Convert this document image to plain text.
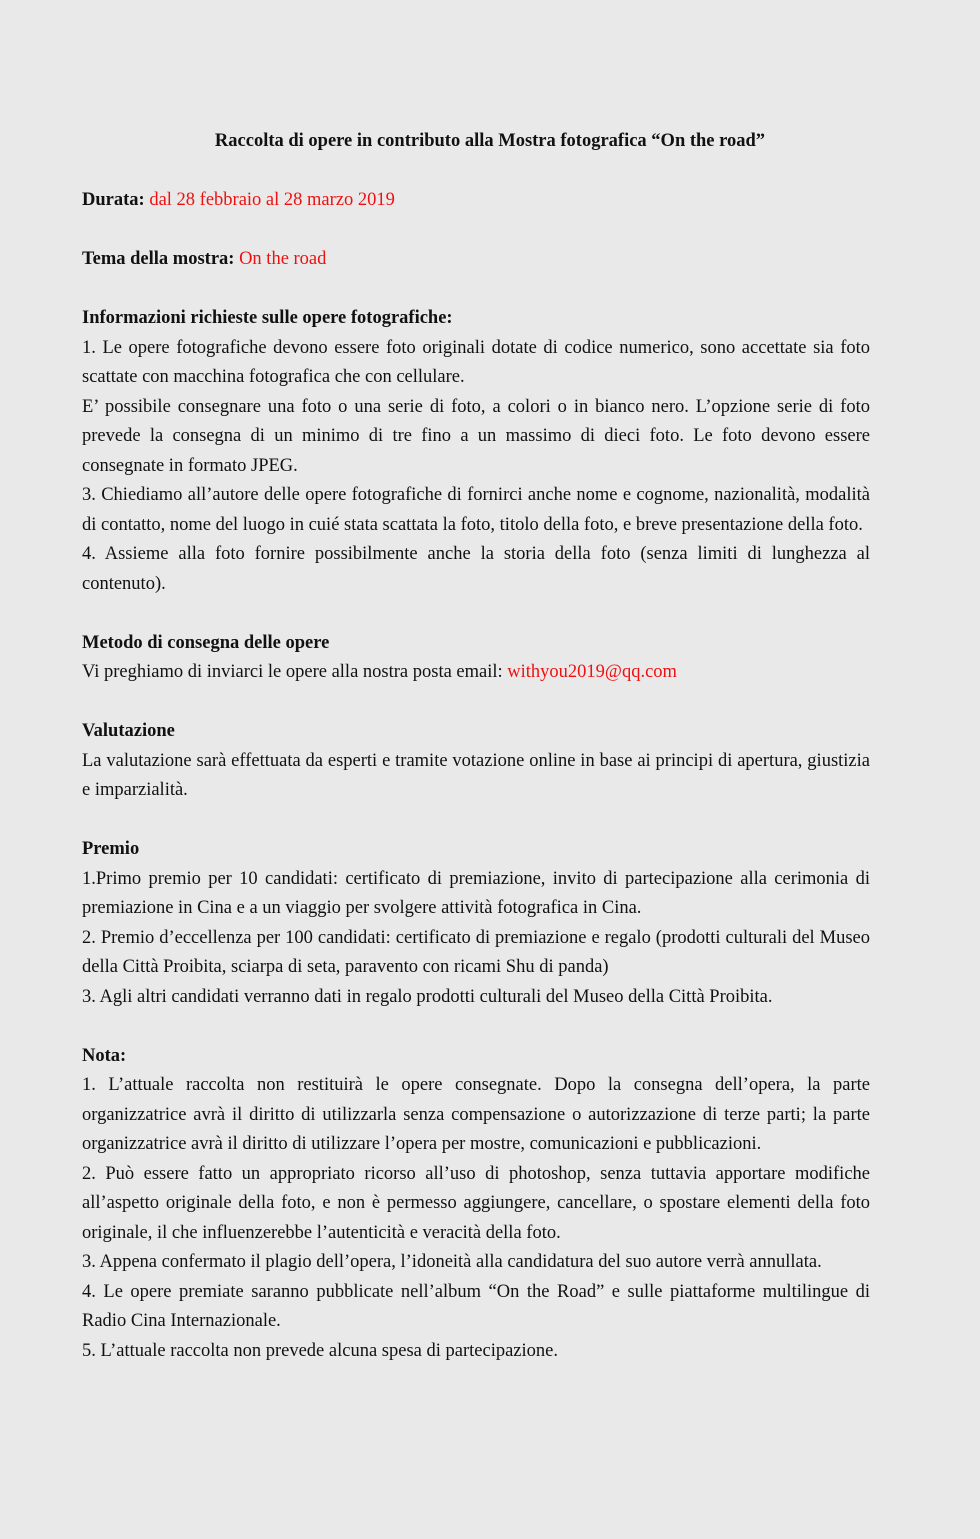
Raccolta di opere in contributo alla Mostra fotografica “On the road”

Durata: dal 28 febbraio al 28 marzo 2019

Tema della mostra: On the road

Informazioni richieste sulle opere fotografiche:

1. Le opere fotografiche devono essere foto originali dotate di codice numerico, sono accettate sia foto scattate con macchina fotografica che con cellulare.

E’ possibile consegnare una foto o una serie di foto, a colori o in bianco nero. L’opzione serie di foto prevede la consegna di un minimo di tre fino a un massimo di dieci foto. Le foto devono essere consegnate in formato JPEG.

3. Chiediamo all’autore delle opere fotografiche di fornirci anche nome e cognome, nazionalità, modalità di contatto, nome del luogo in cuié stata scattata la foto, titolo della foto, e breve presentazione della foto.

4. Assieme alla foto fornire possibilmente anche la storia della foto (senza limiti di lunghezza al contenuto).

Metodo di consegna delle opere

Vi preghiamo di inviarci le opere alla nostra posta email: withyou2019@qq.com

Valutazione

La valutazione sarà effettuata da esperti e tramite votazione online in base ai principi di apertura, giustizia e imparzialità.

Premio

1.Primo premio per 10 candidati: certificato di premiazione, invito di partecipazione alla cerimonia di premiazione in Cina e a un viaggio per svolgere attività fotografica in Cina.

2. Premio d’eccellenza per 100 candidati: certificato di premiazione e regalo (prodotti culturali del Museo della Città Proibita, sciarpa di seta, paravento con ricami Shu di panda)

3. Agli altri candidati verranno dati in regalo prodotti culturali del Museo della Città Proibita.

Nota:

1. L’attuale raccolta non restituirà le opere consegnate. Dopo la consegna dell’opera, la parte organizzatrice avrà il diritto di utilizzarla senza compensazione o autorizzazione di terze parti; la parte organizzatrice avrà il diritto di utilizzare l’opera per mostre, comunicazioni e pubblicazioni.

2. Può essere fatto un appropriato ricorso all’uso di photoshop, senza tuttavia apportare modifiche all’aspetto originale della foto, e non è permesso aggiungere, cancellare, o spostare elementi della foto originale, il che influenzerebbe l’autenticità e veracità della foto.

3. Appena confermato il plagio dell’opera, l’idoneità alla candidatura del suo autore verrà annullata.

4. Le opere premiate saranno pubblicate nell’album “On the Road” e sulle piattaforme multilingue di Radio Cina Internazionale.

5. L’attuale raccolta non prevede alcuna spesa di partecipazione.
